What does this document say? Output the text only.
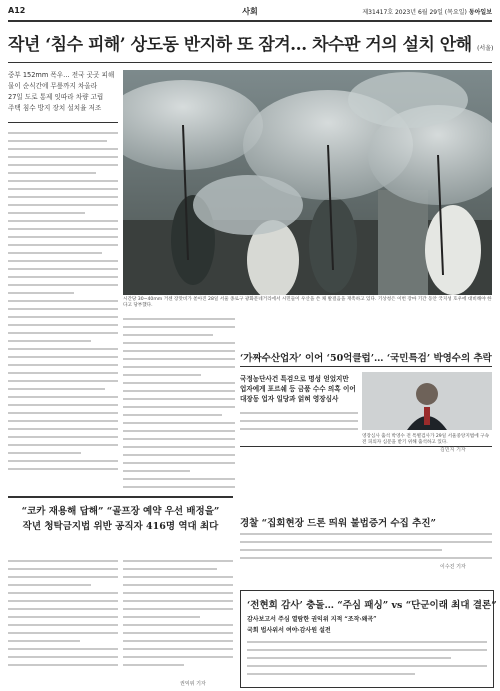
A12	사회	제31417호 2023년 6월 29일 (목요일) 동아일보
작년 ‘침수 피해’ 상도동 반지하 또 잠겨… 차수판 거의 설치 안해 (서울)
중부 152mm 폭우… 전국 곳곳 피해
물이 순식간에 무릎까지 차올라
27일 도로 통제 잇따라 차량 고립
주택 침수 방지 장치 설치율 저조
시간당 30∼40mm 거센 장맛비가 쏟아진 28일 서울 종로구 광화문네거리에서 시민들이 우산을 쓴 채 발걸음을 재촉하고 있다. 기상청은 이번 장마 기간 동안 국지성 호우에 대비해야 한다고 당부했다.
‘가짜수산업자’ 이어 ‘50억클럽’… ‘국민특검’ 박영수의 추락
국정농단사건 특검으로 명성 얻었지만
업자에게 포르쉐 등 금품 수수 의혹 이어
대장동 업자 일당과 얽혀 영장심사
영장심사 출석 박영수 전 특별검사가 29일 서울중앙지법에 구속 전 피의자 심문을 받기 위해 출석하고 있다.
김민지 기자
경찰 “집회현장 드론 띄워 불법증거 수집 추진”
이수진 기자
“코카 재용해 답해” “골프장 예약 우선 배정을”
작년 청탁금지법 위반 공직자 416명 역대 최다
권익위 기자
‘전현희 감사’ 충돌… “주심 패싱” vs “단군이래 최대 결론”
감사보고서 주심 열람한 권익위 지적 “조작·왜곡”
국회 법사위서 여야·감사원 설전
